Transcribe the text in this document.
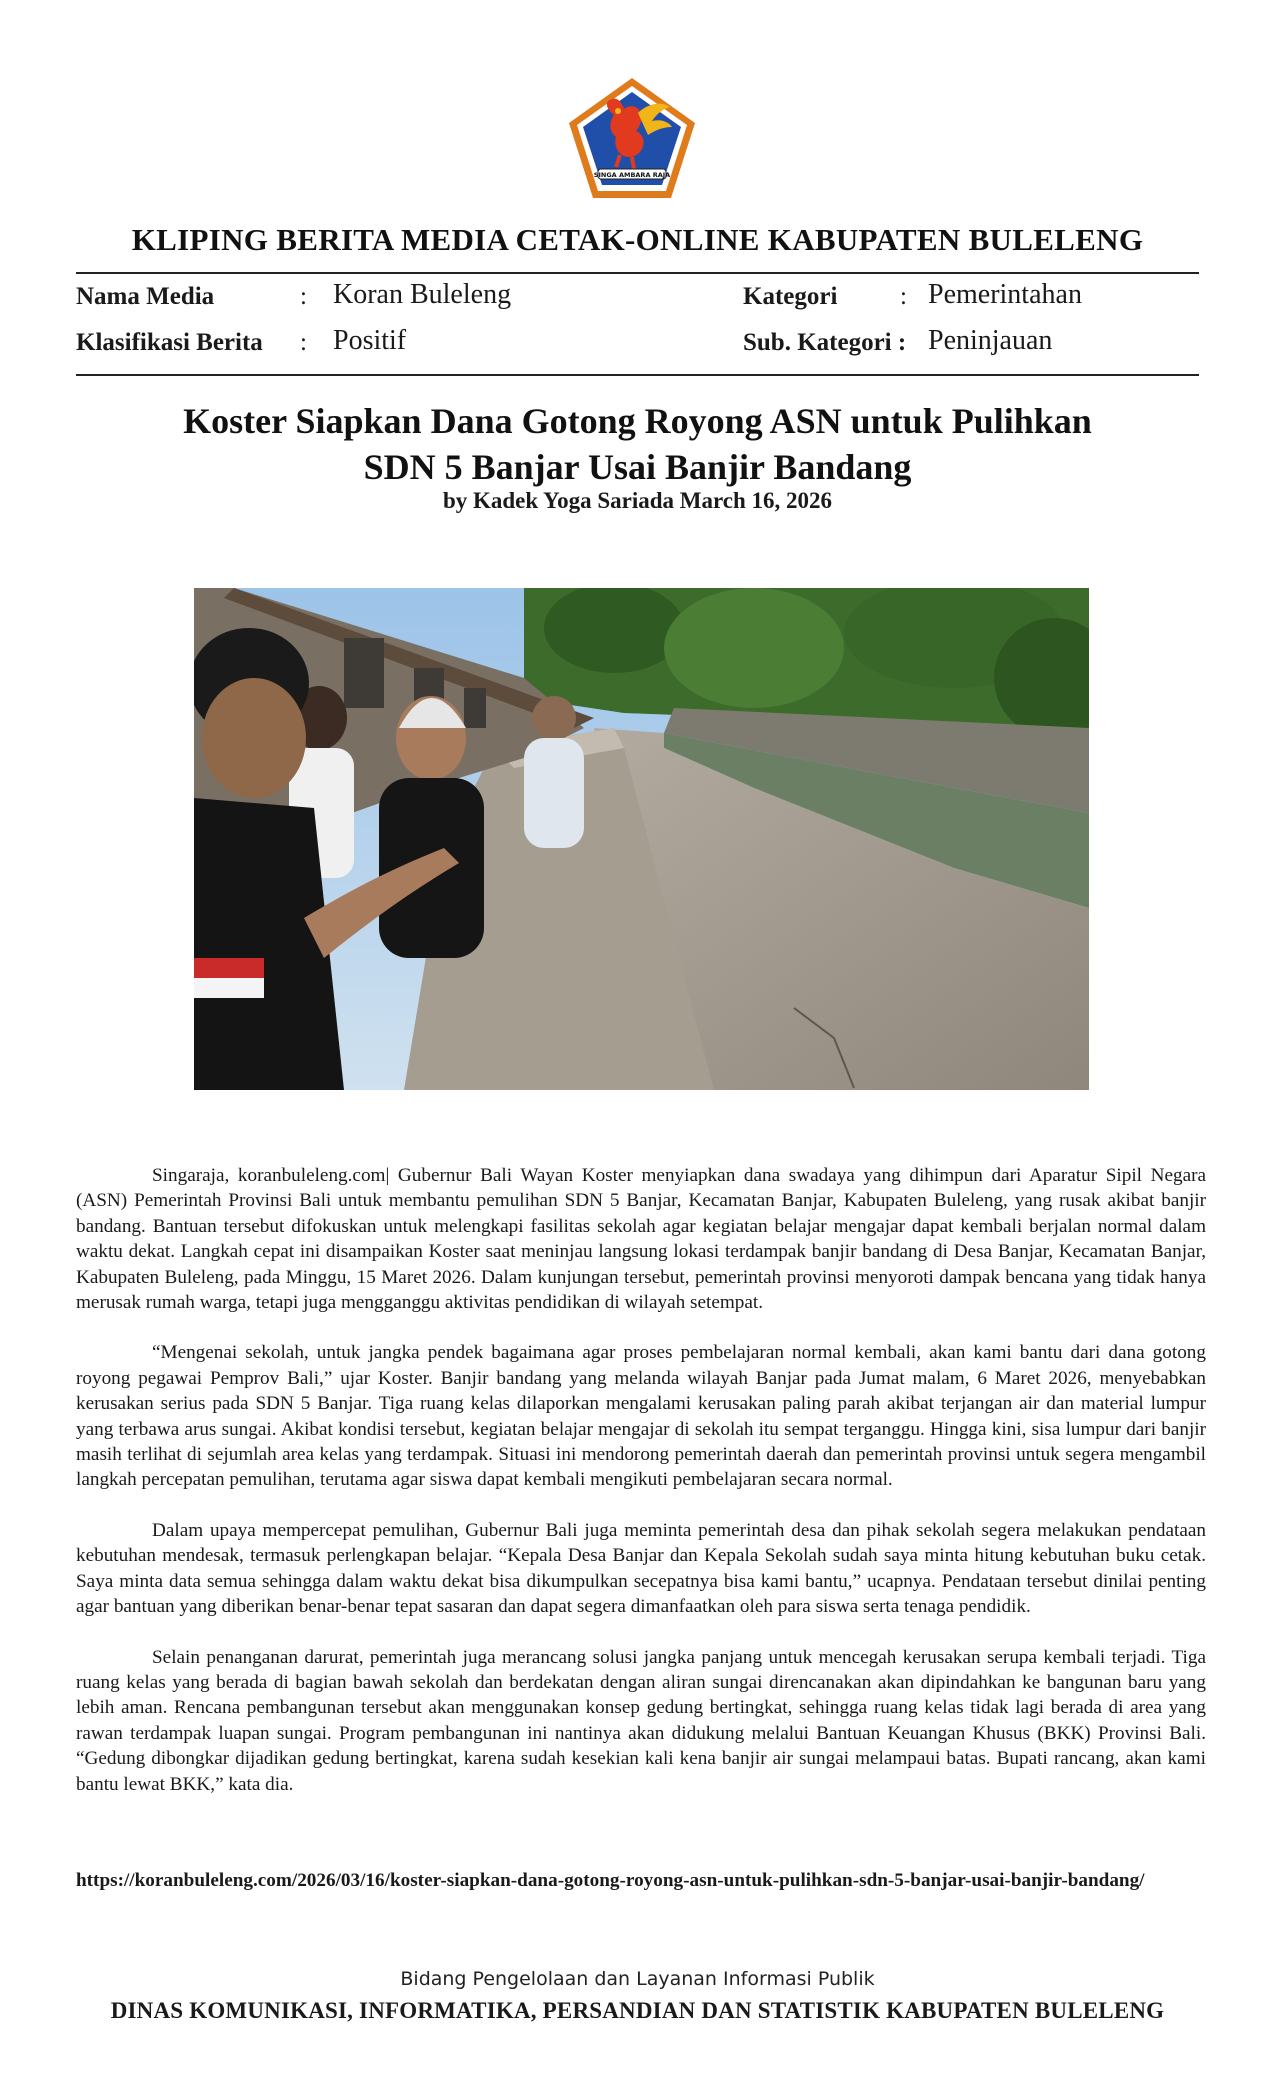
SINGA AMBARA RAJA
KLIPING BERITA MEDIA CETAK-ONLINE KABUPATEN BULELENG
Nama Media	: Koran Buleleng
Klasifikasi Berita : Positif
Kategori	: Pemerintahan
Sub. Kategori : Peninjauan
Koster Siapkan Dana Gotong Royong ASN untuk Pulihkan
SDN 5 Banjar Usai Banjir Bandang
by Kadek Yoga Sariada March 16, 2026

Singaraja, koranbuleleng.com| Gubernur Bali Wayan Koster menyiapkan dana swadaya yang dihimpun dari Aparatur Sipil Negara (ASN) Pemerintah Provinsi Bali untuk membantu pemulihan SDN 5 Banjar, Kecamatan Banjar, Kabupaten Buleleng, yang rusak akibat banjir bandang. Bantuan tersebut difokuskan untuk melengkapi fasilitas sekolah agar kegiatan belajar mengajar dapat kembali berjalan normal dalam waktu dekat. Langkah cepat ini disampaikan Koster saat meninjau langsung lokasi terdampak banjir bandang di Desa Banjar, Kecamatan Banjar, Kabupaten Buleleng, pada Minggu, 15 Maret 2026. Dalam kunjungan tersebut, pemerintah provinsi menyoroti dampak bencana yang tidak hanya merusak rumah warga, tetapi juga mengganggu aktivitas pendidikan di wilayah setempat.

“Mengenai sekolah, untuk jangka pendek bagaimana agar proses pembelajaran normal kembali, akan kami bantu dari dana gotong royong pegawai Pemprov Bali,” ujar Koster. Banjir bandang yang melanda wilayah Banjar pada Jumat malam, 6 Maret 2026, menyebabkan kerusakan serius pada SDN 5 Banjar. Tiga ruang kelas dilaporkan mengalami kerusakan paling parah akibat terjangan air dan material lumpur yang terbawa arus sungai. Akibat kondisi tersebut, kegiatan belajar mengajar di sekolah itu sempat terganggu. Hingga kini, sisa lumpur dari banjir masih terlihat di sejumlah area kelas yang terdampak. Situasi ini mendorong pemerintah daerah dan pemerintah provinsi untuk segera mengambil langkah percepatan pemulihan, terutama agar siswa dapat kembali mengikuti pembelajaran secara normal.

Dalam upaya mempercepat pemulihan, Gubernur Bali juga meminta pemerintah desa dan pihak sekolah segera melakukan pendataan kebutuhan mendesak, termasuk perlengkapan belajar. “Kepala Desa Banjar dan Kepala Sekolah sudah saya minta hitung kebutuhan buku cetak. Saya minta data semua sehingga dalam waktu dekat bisa dikumpulkan secepatnya bisa kami bantu,” ucapnya. Pendataan tersebut dinilai penting agar bantuan yang diberikan benar-benar tepat sasaran dan dapat segera dimanfaatkan oleh para siswa serta tenaga pendidik.

Selain penanganan darurat, pemerintah juga merancang solusi jangka panjang untuk mencegah kerusakan serupa kembali terjadi. Tiga ruang kelas yang berada di bagian bawah sekolah dan berdekatan dengan aliran sungai direncanakan akan dipindahkan ke bangunan baru yang lebih aman. Rencana pembangunan tersebut akan menggunakan konsep gedung bertingkat, sehingga ruang kelas tidak lagi berada di area yang rawan terdampak luapan sungai. Program pembangunan ini nantinya akan didukung melalui Bantuan Keuangan Khusus (BKK) Provinsi Bali. “Gedung dibongkar dijadikan gedung bertingkat, karena sudah kesekian kali kena banjir air sungai melampaui batas. Bupati rancang, akan kami bantu lewat BKK,” kata dia.

https://koranbuleleng.com/2026/03/16/koster-siapkan-dana-gotong-royong-asn-untuk-pulihkan-sdn-5-banjar-usai-banjir-bandang/
Bidang Pengelolaan dan Layanan Informasi Publik
DINAS KOMUNIKASI, INFORMATIKA, PERSANDIAN DAN STATISTIK KABUPATEN BULELENG
